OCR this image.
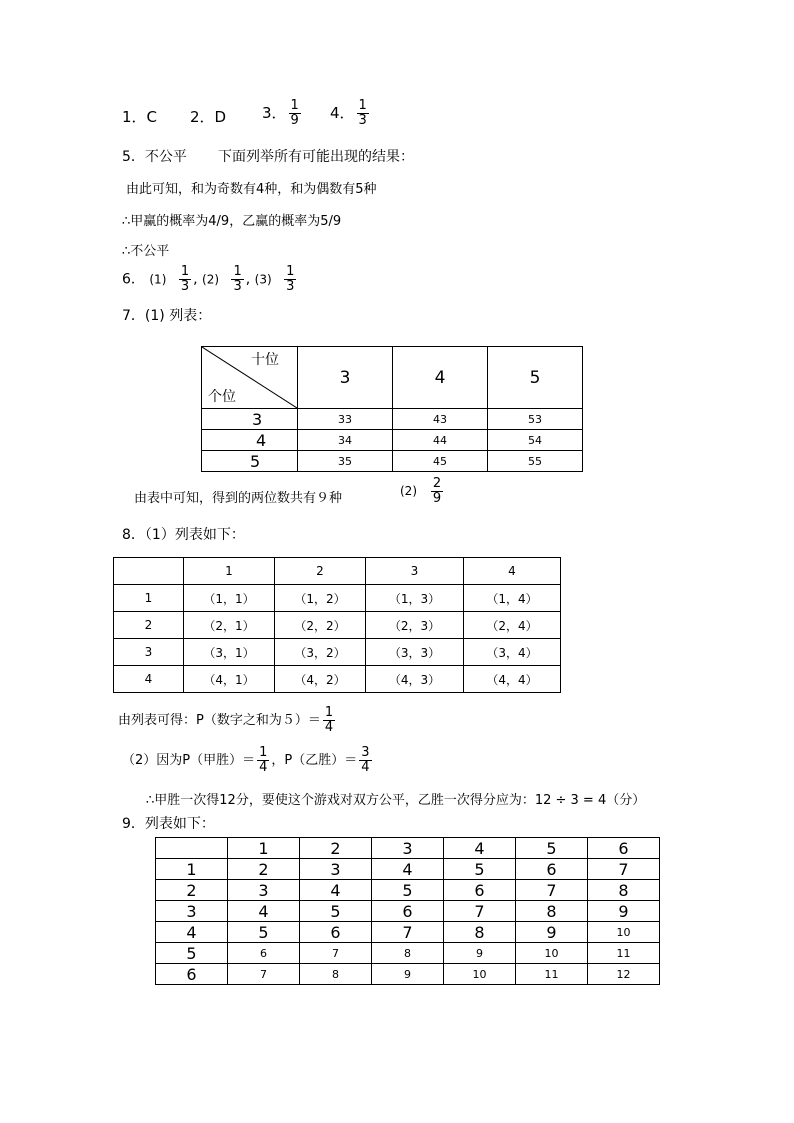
1．C 2．D 3． $\frac{1}{9} 4$． $\frac{1}{3}$
5．不公平 下面列举所有可能出现的结果：
由此可知，和为奇数有4种，和为偶数有5种
∴甲赢的概率为4/9，乙赢的概率为5/9
∴不公平
6． $(1) \frac{1}{3}$ , $(2) \frac{1}{3}$ , $(3) \frac{1}{3}$
7．(1) 列表：
十位
个位	3	4	5
3	33	43	53
4	34	44	54
5	35	45	55
由表中可知，得到的两位数共有９种	$(2) \frac{2}{9}$
8．（1）列表如下：
	1	2	3	4
1	（1，1）	（1，2）	（1，3）	（1，4）
2	（2，1）	（2，2）	（2，3）	（2，4）
3	（3，1）	（3，2）	（3，3）	（3，4）
4	（4，1）	（4，2）	（4，3）	（4，4）
由列表可得：P（数字之和为$5)= \frac{1}{4}$
（2）因为P（甲胜）＝ $\frac{1}{4}$ ，P（乙胜）＝ $\frac{3}{4}$
∴甲胜一次得12分，要使这个游戏对双方公平，乙胜一次得分应为：12 ÷ 3 = 4（分）
9．列表如下：
	1	2	3	4	5	6
1	2	3	4	5	6	7
2	3	4	5	6	7	8
3	4	5	6	7	8	9
4	5	6	7	8	9	10
5	6	7	8	9	10	11
6	7	8	9	10	11	12
